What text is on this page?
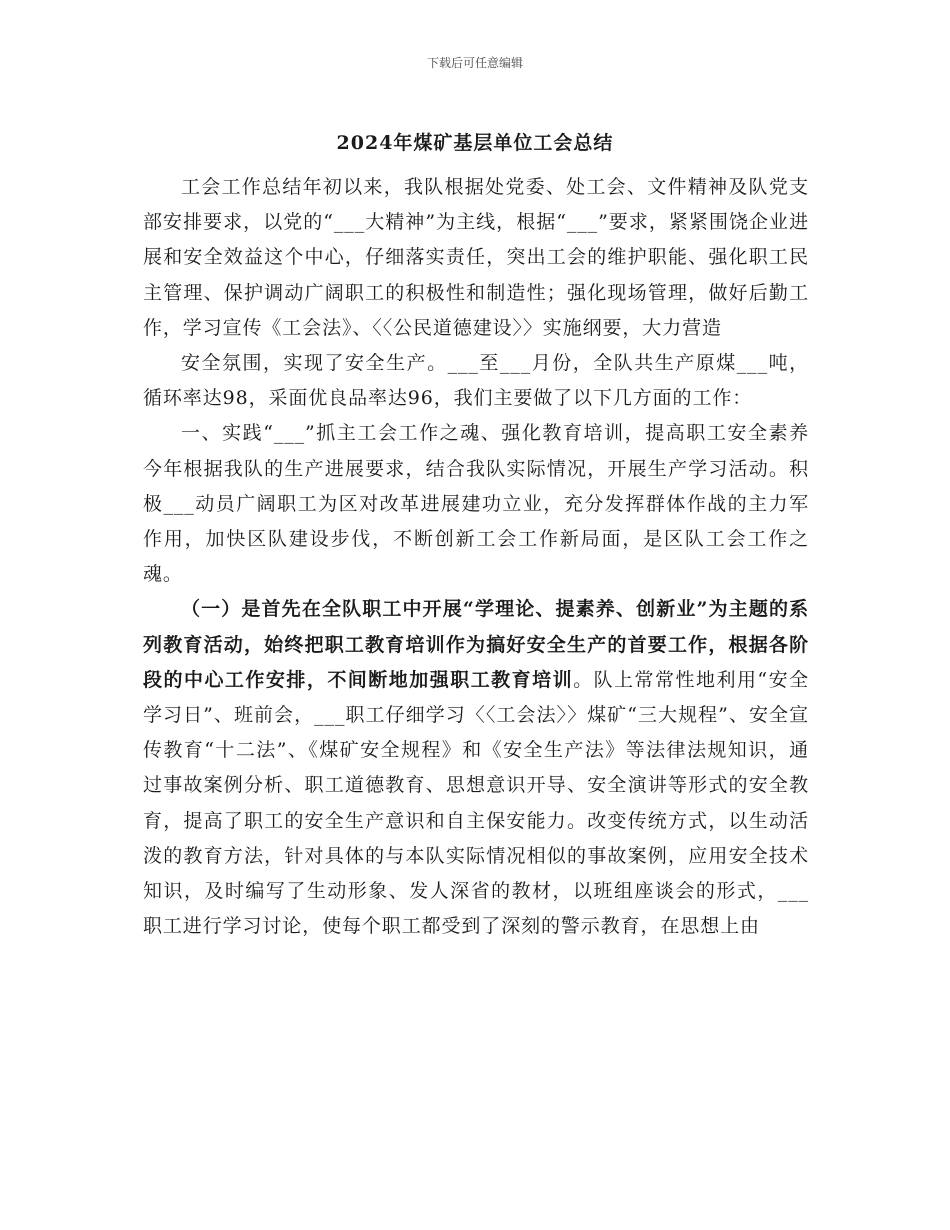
下载后可任意编辑
2024年煤矿基层单位工会总结

工会工作总结年初以来，我队根据处党委、处工会、文件精神及队党支部安排要求，以党的“___大精神”为主线，根据“___”要求，紧紧围饶企业进展和安全效益这个中心，仔细落实责任，突出工会的维护职能、强化职工民主管理、保护调动广阔职工的积极性和制造性；强化现场管理，做好后勤工作，学习宣传《工会法》、〈〈公民道德建设〉〉实施纲要，大力营造

安全氛围，实现了安全生产。___至___月份，全队共生产原煤___吨，循环率达98，采面优良品率达96，我们主要做了以下几方面的工作：

一、实践“___”抓主工会工作之魂、强化教育培训，提高职工安全素养今年根据我队的生产进展要求，结合我队实际情况，开展生产学习活动。积极___动员广阔职工为区对改革进展建功立业，充分发挥群体作战的主力军作用，加快区队建设步伐，不断创新工会工作新局面，是区队工会工作之魂。

（一）是首先在全队职工中开展“学理论、提素养、创新业”为主题的系列教育活动，始终把职工教育培训作为搞好安全生产的首要工作，根据各阶段的中心工作安排，不间断地加强职工教育培训。队上常常性地利用“安全学习日”、班前会，___职工仔细学习〈〈工会法〉〉煤矿“三大规程”、安全宣传教育“十二法”、《煤矿安全规程》和《安全生产法》等法律法规知识，通过事故案例分析、职工道德教育、思想意识开导、安全演讲等形式的安全教育，提高了职工的安全生产意识和自主保安能力。改变传统方式，以生动活泼的教育方法，针对具体的与本队实际情况相似的事故案例，应用安全技术知识，及时编写了生动形象、发人深省的教材，以班组座谈会的形式，___职工进行学习讨论，使每个职工都受到了深刻的警示教育，在思想上由
